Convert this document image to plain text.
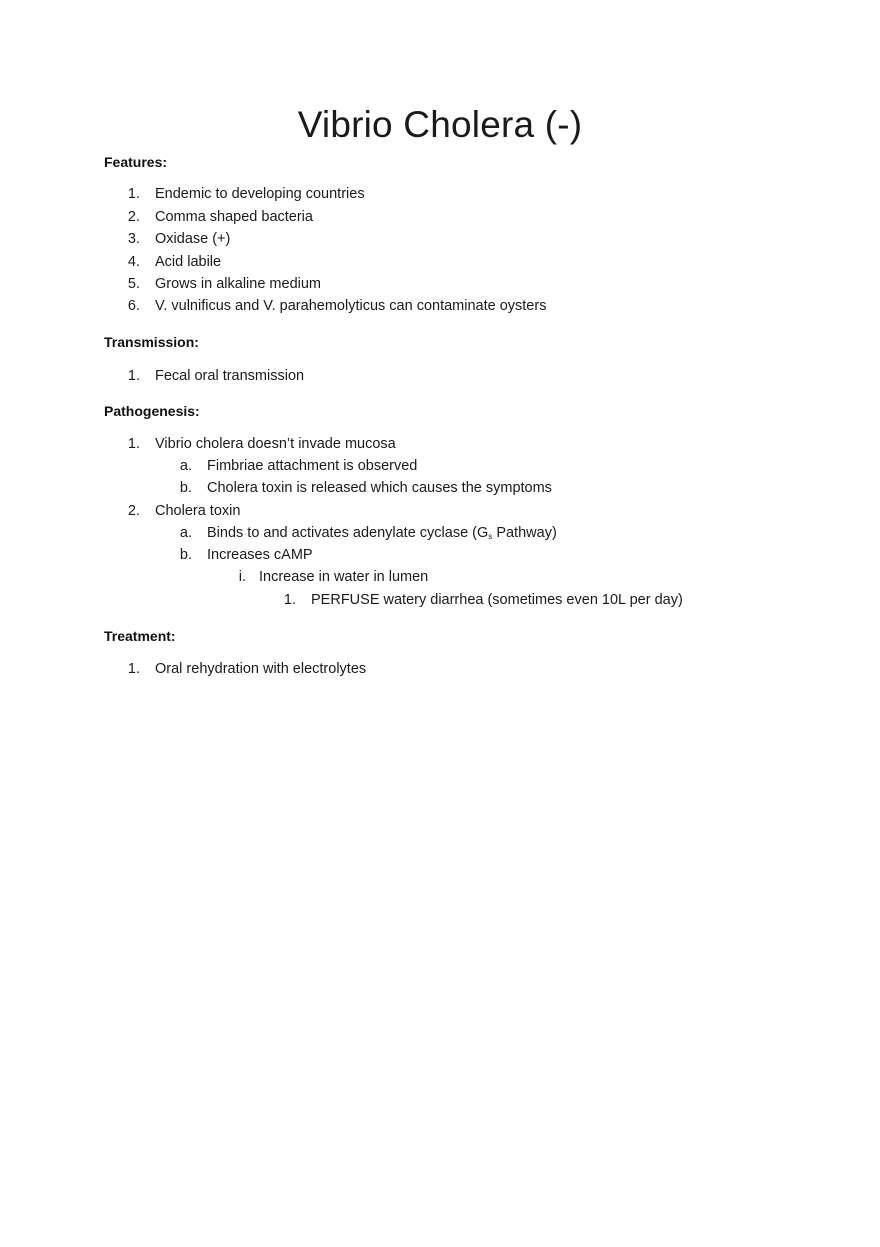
Vibrio Cholera (-)
Features:
1. Endemic to developing countries
2. Comma shaped bacteria
3. Oxidase (+)
4. Acid labile
5. Grows in alkaline medium
6. V. vulnificus and V. parahemolyticus can contaminate oysters
Transmission:
1. Fecal oral transmission
Pathogenesis:
1. Vibrio cholera doesn’t invade mucosa
a. Fimbriae attachment is observed
b. Cholera toxin is released which causes the symptoms
2. Cholera toxin
a. Binds to and activates adenylate cyclase ($G_s$ Pathway)
b. Increases cAMP
i. Increase in water in lumen
1. PERFUSE watery diarrhea (sometimes even 10L per day)
Treatment:
1. Oral rehydration with electrolytes
